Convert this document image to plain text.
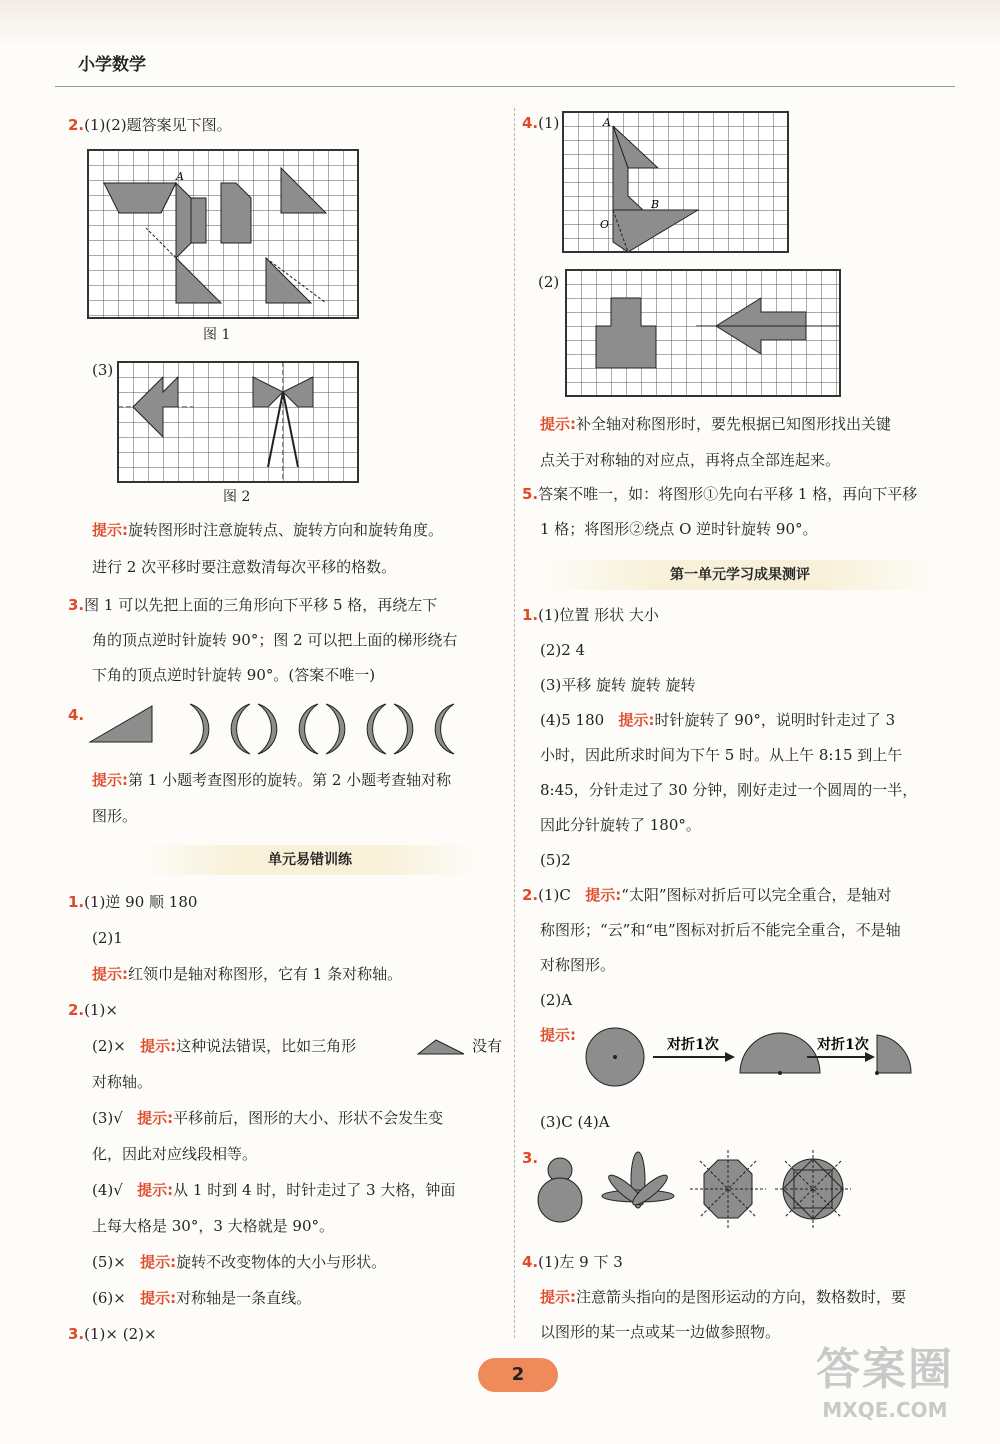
小学数学
2.(1)(2)题答案见下图。
A
图 1
(3)
图 2
提示:旋转图形时注意旋转点、旋转方向和旋转角度。
进行 2 次平移时要注意数清每次平移的格数。
3.图 1 可以先把上面的三角形向下平移 5 格，再绕左下
角的顶点逆时针旋转 90°；图 2 可以把上面的梯形绕右
下角的顶点逆时针旋转 90°。(答案不唯一)
4.
提示:第 1 小题考查图形的旋转。第 2 小题考查轴对称
图形。
单元易错训练
1.(1)逆 90 顺 180
(2)1
提示:红领巾是轴对称图形，它有 1 条对称轴。
2.(1)×
(2)× 提示:这种说法错误，比如三角形	没有
对称轴。
(3)√ 提示:平移前后，图形的大小、形状不会发生变
化，因此对应线段相等。
(4)√ 提示:从 1 时到 4 时，时针走过了 3 大格，钟面
上每大格是 30°，3 大格就是 90°。
(5)× 提示:旋转不改变物体的大小与形状。
(6)× 提示:对称轴是一条直线。
3.(1)× (2)×
4.(1)	A
B
O
(2)
提示:补全轴对称图形时，要先根据已知图形找出关键
点关于对称轴的对应点，再将点全部连起来。
5.答案不唯一，如：将图形①先向右平移 1 格，再向下平移
1 格；将图形②绕点 O 逆时针旋转 90°。
第一单元学习成果测评
1.(1)位置 形状 大小
(2)2 4
(3)平移 旋转 旋转 旋转
(4)5 180 提示:时针旋转了 90°，说明时针走过了 3
小时，因此所求时间为下午 5 时。从上午 8:15 到上午
8:45，分针走过了 30 分钟，刚好走过一个圆周的一半，
因此分针旋转了 180°。
(5)2
2.(1)C 提示:“太阳”图标对折后可以完全重合，是轴对
称图形；“云”和“电”图标对折后不能完全重合，不是轴
对称图形。
(2)A
提示:
对折1次	对折1次
(3)C (4)A
3.
4.(1)左 9 下 3
提示:注意箭头指向的是图形运动的方向，数格数时，要
以图形的某一点或某一边做参照物。
2	答案圈
MXQE.COM
